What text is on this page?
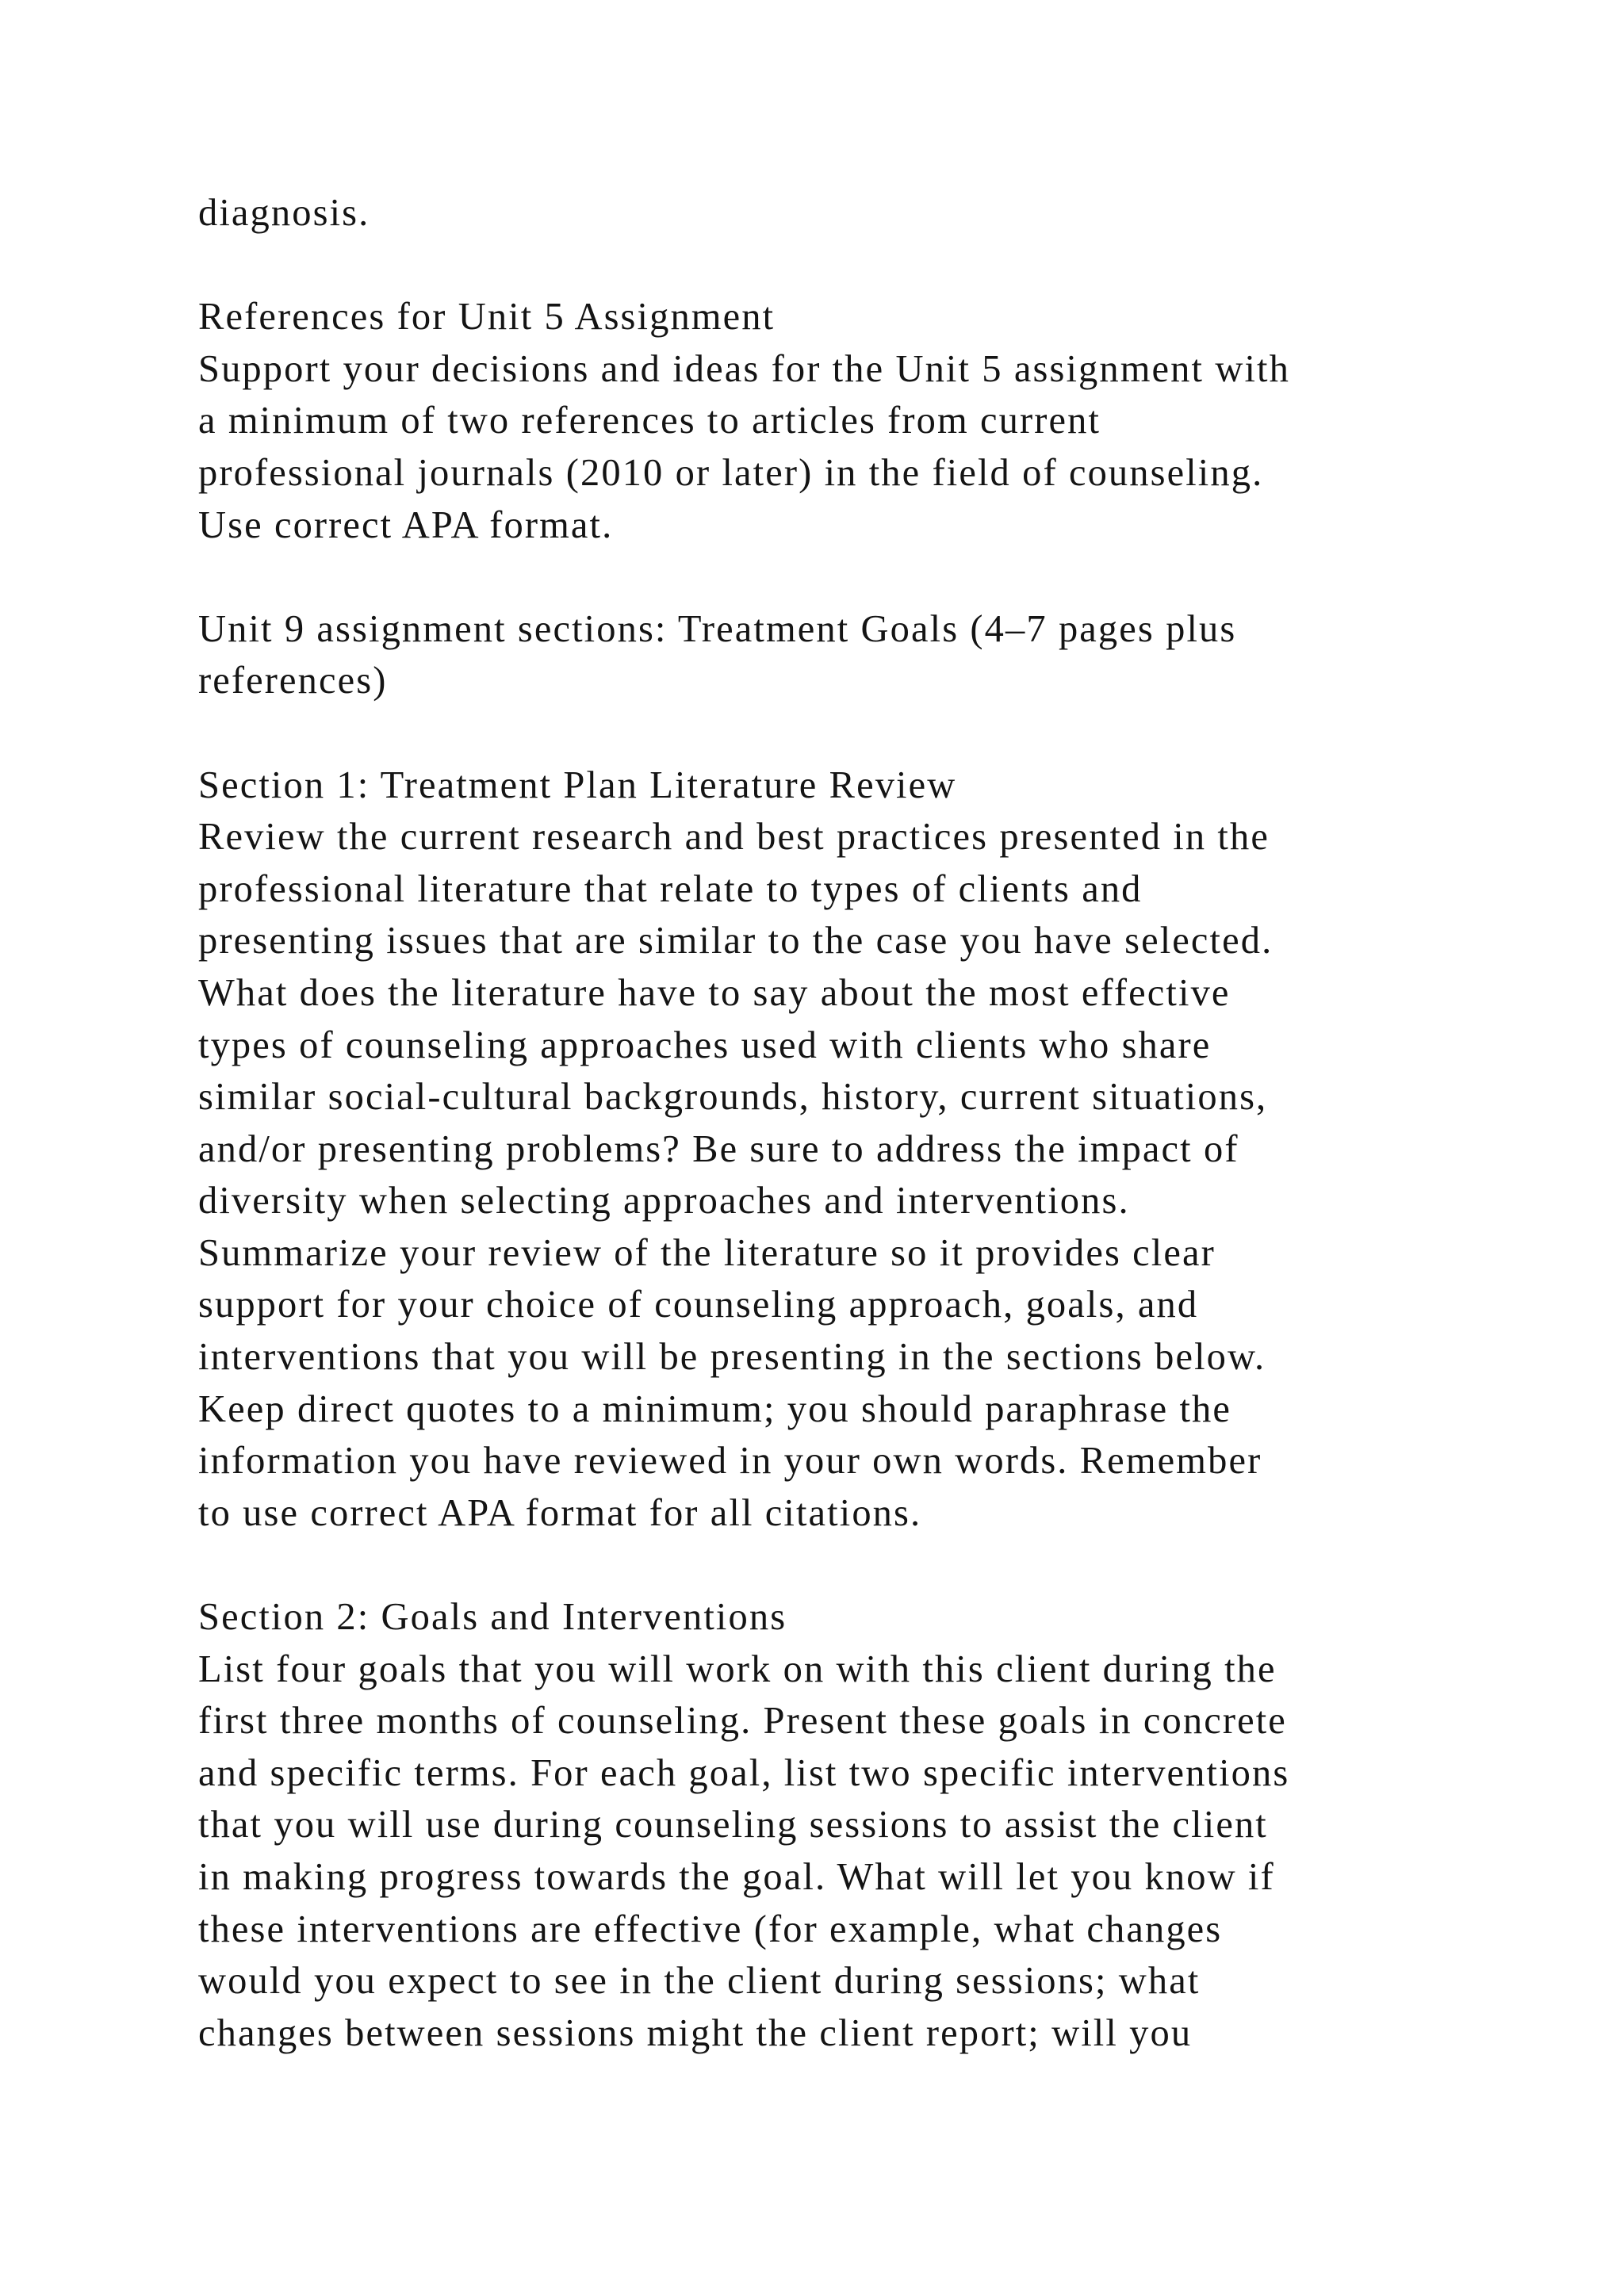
diagnosis.
References for Unit 5 Assignment
Support your decisions and ideas for the Unit 5 assignment with
a minimum of two references to articles from current
professional journals (2010 or later) in the field of counseling.
Use correct APA format.
Unit 9 assignment sections: Treatment Goals (4–7 pages plus
references)
Section 1: Treatment Plan Literature Review
Review the current research and best practices presented in the
professional literature that relate to types of clients and
presenting issues that are similar to the case you have selected.
What does the literature have to say about the most effective
types of counseling approaches used with clients who share
similar social-cultural backgrounds, history, current situations,
and/or presenting problems? Be sure to address the impact of
diversity when selecting approaches and interventions.
Summarize your review of the literature so it provides clear
support for your choice of counseling approach, goals, and
interventions that you will be presenting in the sections below.
Keep direct quotes to a minimum; you should paraphrase the
information you have reviewed in your own words. Remember
to use correct APA format for all citations.
Section 2: Goals and Interventions
List four goals that you will work on with this client during the
first three months of counseling. Present these goals in concrete
and specific terms. For each goal, list two specific interventions
that you will use during counseling sessions to assist the client
in making progress towards the goal. What will let you know if
these interventions are effective (for example, what changes
would you expect to see in the client during sessions; what
changes between sessions might the client report; will you
